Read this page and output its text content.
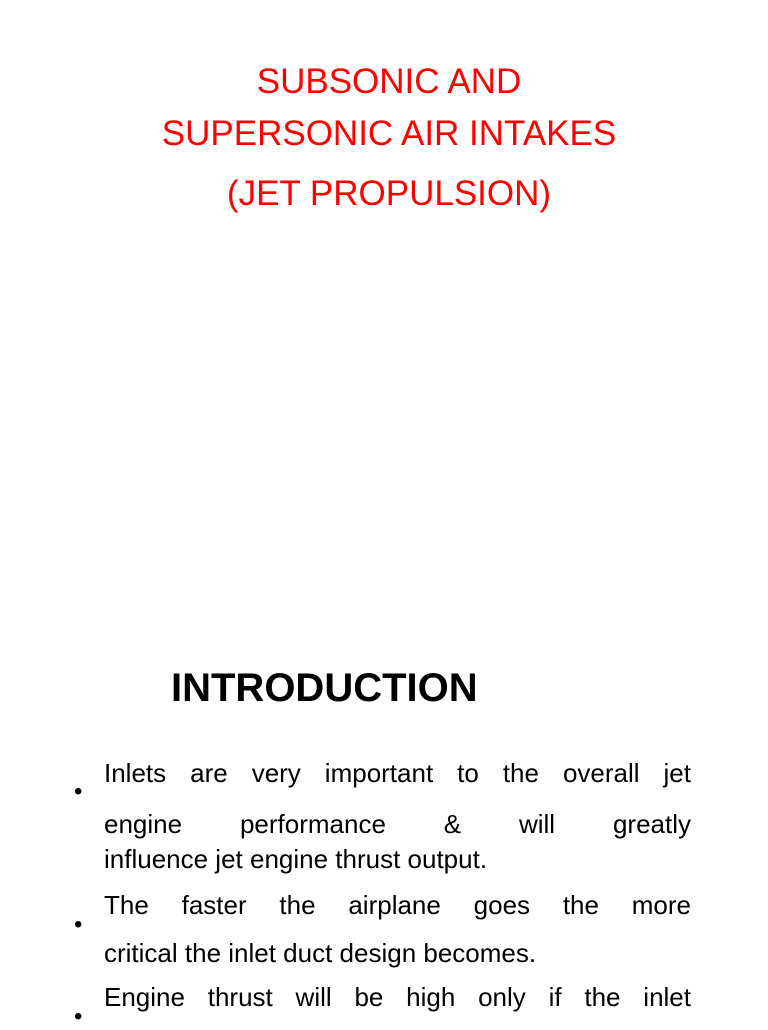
SUBSONIC AND
SUPERSONIC AIR INTAKES
(JET PROPULSION)
INTRODUCTION
•
Inlets are very important to the overall jet
engine performance & will greatly
influence jet engine thrust output.
•
The faster the airplane goes the more
critical the inlet duct design becomes.
•
Engine thrust will be high only if the inlet
